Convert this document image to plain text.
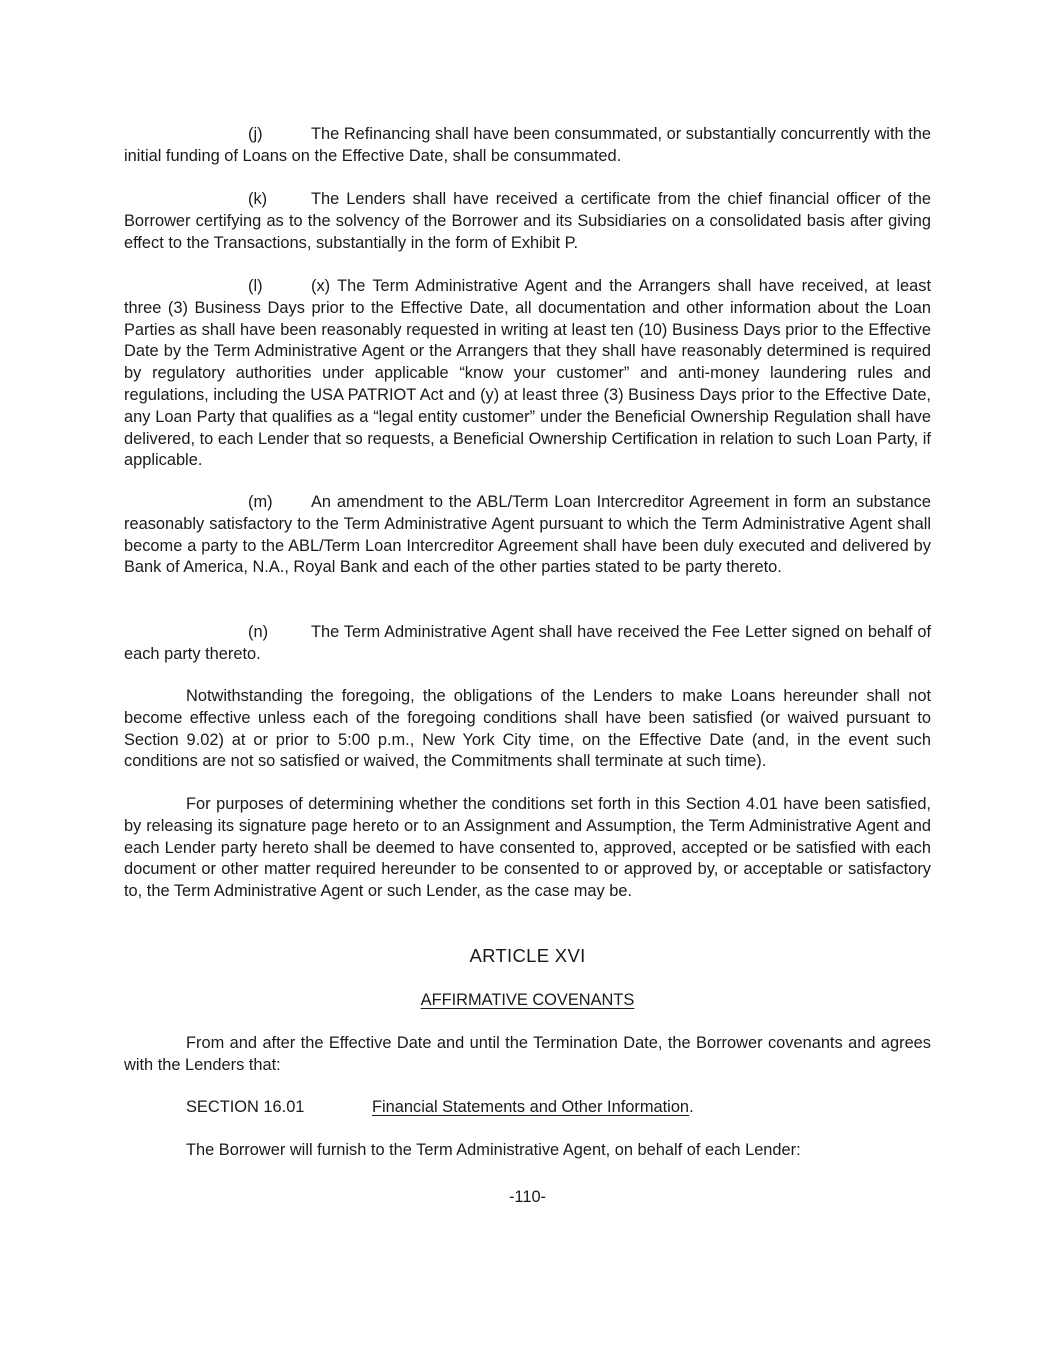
(j)	The Refinancing shall have been consummated, or substantially concurrently with the initial funding of Loans on the Effective Date, shall be consummated.

(k)	The Lenders shall have received a certificate from the chief financial officer of the Borrower certifying as to the solvency of the Borrower and its Subsidiaries on a consolidated basis after giving effect to the Transactions, substantially in the form of Exhibit P.

(l)	(x) The Term Administrative Agent and the Arrangers shall have received, at least three (3) Business Days prior to the Effective Date, all documentation and other information about the Loan Parties as shall have been reasonably requested in writing at least ten (10) Business Days prior to the Effective Date by the Term Administrative Agent or the Arrangers that they shall have reasonably determined is required by regulatory authorities under applicable “know your customer” and anti-money laundering rules and regulations, including the USA PATRIOT Act and (y) at least three (3) Business Days prior to the Effective Date, any Loan Party that qualifies as a “legal entity customer” under the Beneficial Ownership Regulation shall have delivered, to each Lender that so requests, a Beneficial Ownership Certification in relation to such Loan Party, if applicable.

(m) An amendment to the ABL/Term Loan Intercreditor Agreement in form an substance reasonably satisfactory to the Term Administrative Agent pursuant to which the Term Administrative Agent shall become a party to the ABL/Term Loan Intercreditor Agreement shall have been duly executed and delivered by Bank of America, N.A., Royal Bank and each of the other parties stated to be party thereto.

(n)	The Term Administrative Agent shall have received the Fee Letter signed on behalf of each party thereto.

Notwithstanding the foregoing, the obligations of the Lenders to make Loans hereunder shall not become effective unless each of the foregoing conditions shall have been satisfied (or waived pursuant to Section 9.02) at or prior to 5:00 p.m., New York City time, on the Effective Date (and, in the event such conditions are not so satisfied or waived, the Commitments shall terminate at such time).

For purposes of determining whether the conditions set forth in this Section 4.01 have been satisfied, by releasing its signature page hereto or to an Assignment and Assumption, the Term Administrative Agent and each Lender party hereto shall be deemed to have consented to, approved, accepted or be satisfied with each document or other matter required hereunder to be consented to or approved by, or acceptable or satisfactory to, the Term Administrative Agent or such Lender, as the case may be.

ARTICLE XVI

AFFIRMATIVE COVENANTS

From and after the Effective Date and until the Termination Date, the Borrower covenants and agrees with the Lenders that:

SECTION 16.01	Financial Statements and Other Information.

The Borrower will furnish to the Term Administrative Agent, on behalf of each Lender:

-110-
